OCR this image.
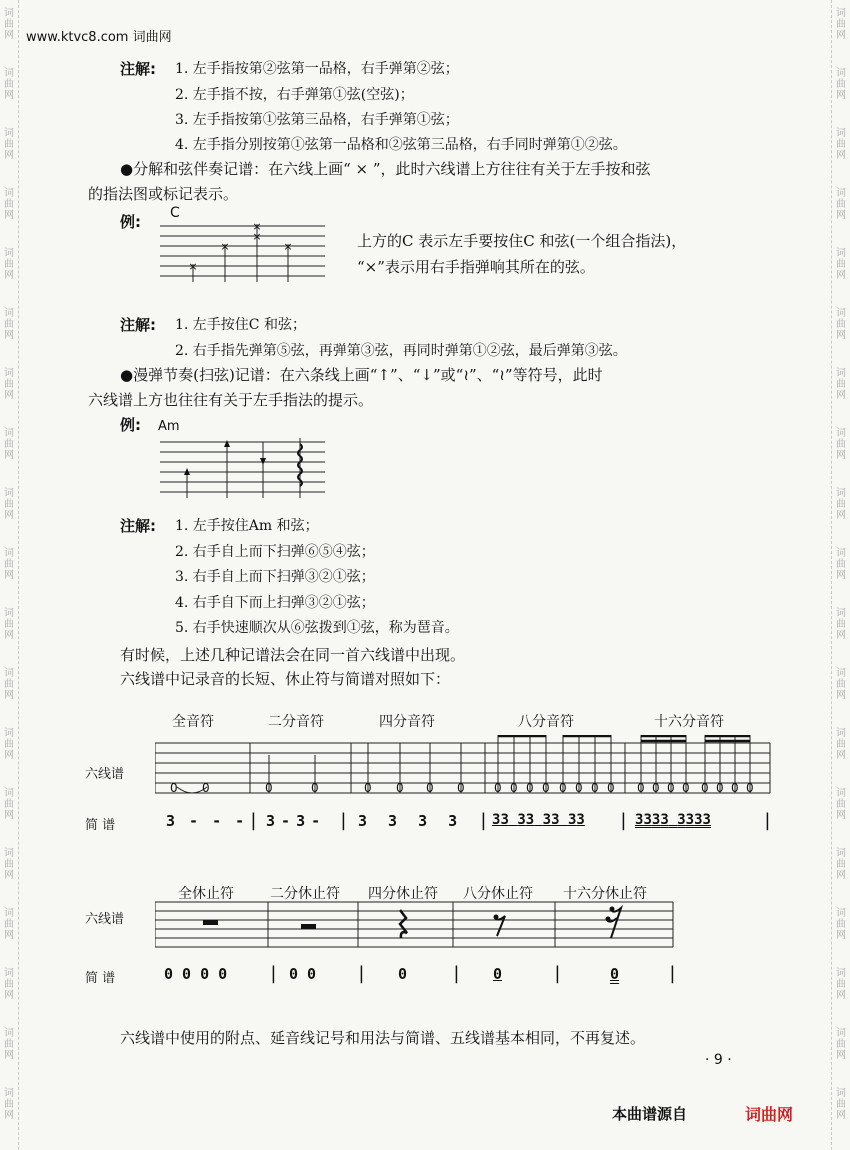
词
曲
网
词
曲
网
词
曲
网
词
曲
网
词
曲
网
词
曲
网
词
曲
网
词
曲
网
词
曲
网
词
曲
网
词
曲
网
词
曲
网
词
曲
网
词
曲
网
词
曲
网
词
曲
网
词
曲
网
词
曲
网
词
曲
网
词
曲
网
词
曲
网
词
曲
网
词
曲
网
词
曲
网
词
曲
网
词
曲
网
词
曲
网
词
曲
网
词
曲
网
词
曲
网
词
曲
网
词
曲
网
词
曲
网
词
曲
网
词
曲
网
词
曲
网
词
曲
网
词
曲
网
www.ktvc8.com 词曲网
注解: 1. 左手指按第②弦第一品格，右手弹第②弦；
2. 左手指不按，右手弹第①弦(空弦)；
3. 左手指按第①弦第三品格，右手弹第①弦；
4. 左手指分别按第①弦第一品格和②弦第三品格，右手同时弹第①②弦。
●分解和弦伴奏记谱：在六线上画“ × ”，此时六线谱上方往往有关于左手按和弦
的指法图或标记表示。
例: C
×
×
×
×
×	上方的C 表示左手要按住C 和弦(一个组合指法)，
“×”表示用右手指弹响其所在的弦。
注解: 1. 左手按住C 和弦；
2. 右手指先弹第⑤弦，再弹第③弦，再同时弹第①②弦，最后弹第③弦。
●漫弹节奏(扫弦)记谱：在六条线上画“↑”、“↓”或“≀”、“≀”等符号，此时
六线谱上方也往往有关于左手指法的提示。
例: Am
注解: 1. 左手按住Am 和弦；
2. 右手自上而下扫弹⑥⑤④弦；
3. 右手自上而下扫弹③②①弦；
4. 右手自下而上扫弹③②①弦；
5. 右手快速顺次从⑥弦拨到①弦，称为琶音。
有时候，上述几种记谱法会在同一首六线谱中出现。
六线谱中记录音的长短、休止符与简谱对照如下：
全音符	二分音符	四分音符	八分音符	十六分音符
六线谱
简 谱
0 0	0	0	0 0 0 0 0 0 0 0 0 0 0 0 0 0 0 0 0 0 0 0
3 - - - | 3 - 3 - | 3 3 3 3 | 33 33 33 33 | 3333 3333	|
全休止符	二分休止符 四分休止符 八分休止符 十六分休止符
六线谱
简 谱	0 0 0 0 | 0 0 | 0 | 0	|	0	|
六线谱中使用的附点、延音线记号和用法与简谱、五线谱基本相同，不再复述。
· 9 ·
本曲谱源自	词曲网
